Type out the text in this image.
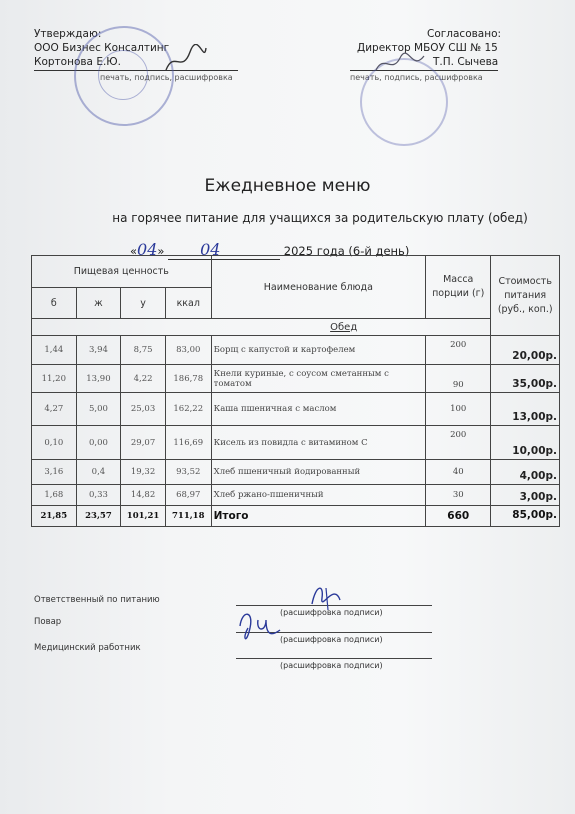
Утверждаю:
ООО Бизнес Консалтинг
Кортонова Е.Ю.
печать, подпись, расшифровка
Согласовано:
Директор МБОУ СШ № 15
Т.П. Сычева
печать, подпись, расшифровка
Ежедневное меню
на горячее питание для учащихся за родительскую плату (обед)
«04» 04	2025 года (6-й день)
Пищевая ценность				Наименование блюда	Масса порции (г)	Стоимость питания (руб., коп.)
б	ж	у	ккал			
Обед						
1,44	3,94	8,75	83,00	Борщ с капустой и картофелем	200	20,00р.
11,20	13,90	4,22	186,78	Кнели куриные, с соусом сметанным с томатом	90	35,00р.
4,27	5,00	25,03	162,22	Каша пшеничная с маслом	100	13,00р.
0,10	0,00	29,07	116,69	Кисель из повидла с витамином С	200	10,00р.
3,16	0,4	19,32	93,52	Хлеб пшеничный йодированный	40	4,00р.
1,68	0,33	14,82	68,97	Хлеб ржано-пшеничный	30	3,00р.
21,85	23,57	101,21	711,18	Итого	660	85,00р.
Ответственный по питанию
(расшифровка подписи)
Повар
(расшифровка подписи)
Медицинский работник
(расшифровка подписи)
